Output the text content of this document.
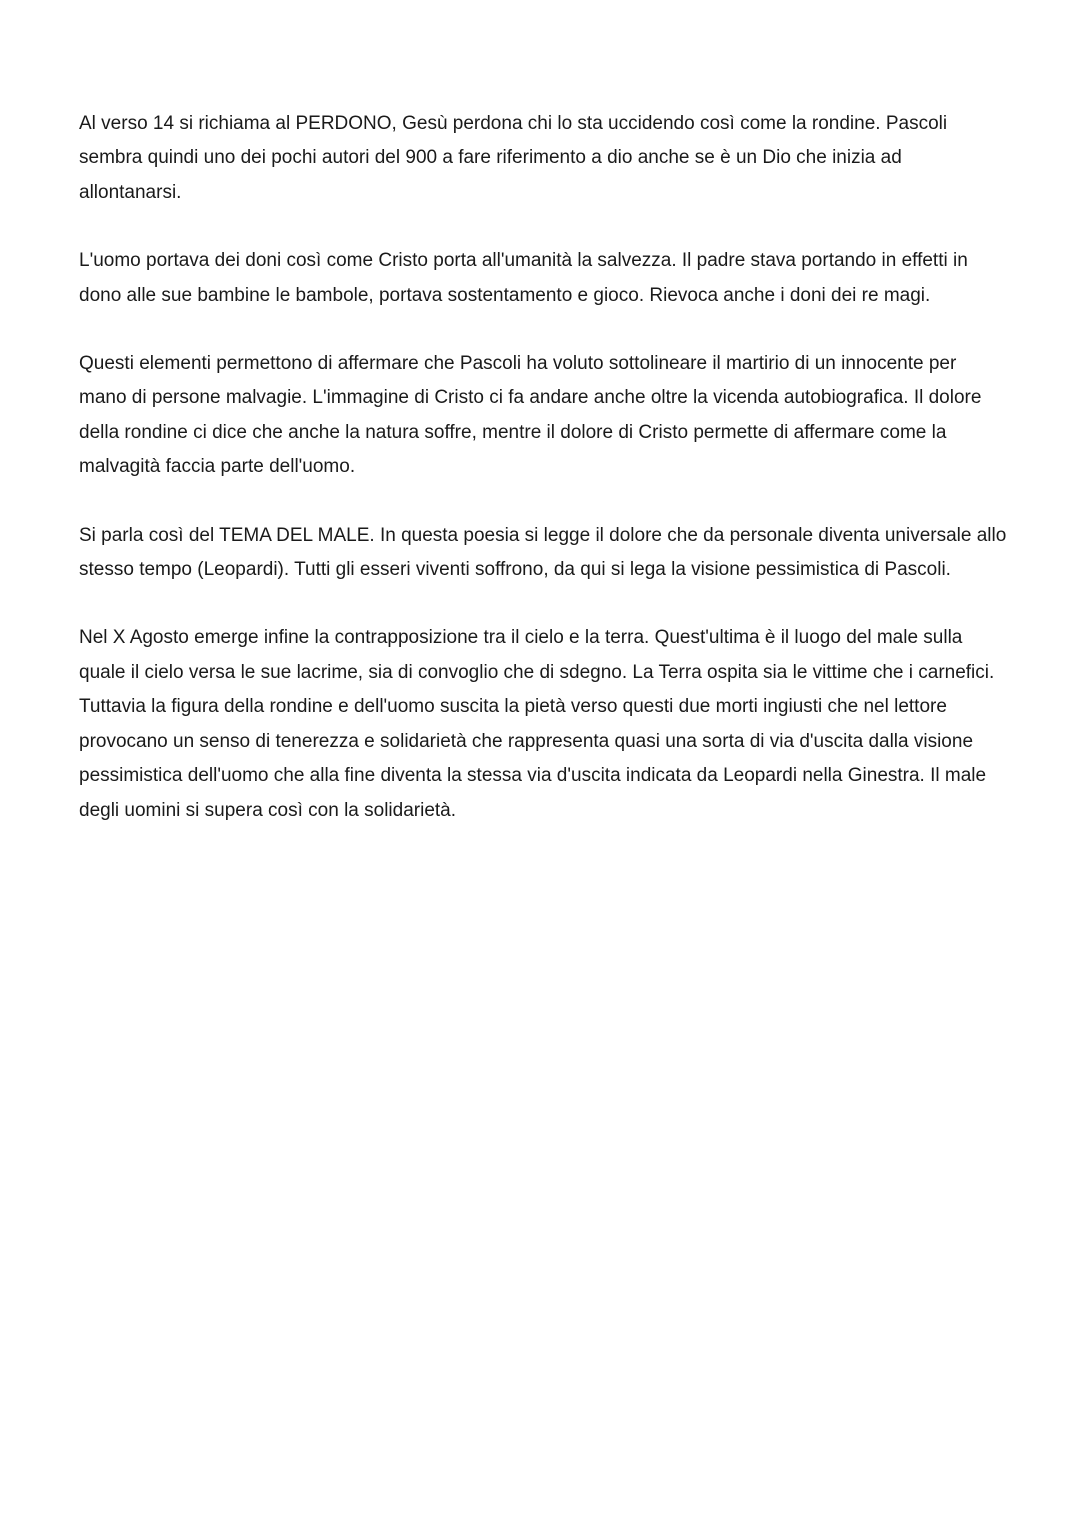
Al verso 14 si richiama al PERDONO, Gesù perdona chi lo sta uccidendo così come la rondine. Pascoli sembra quindi uno dei pochi autori del 900 a fare riferimento a dio anche se è un Dio che inizia ad allontanarsi.

L'uomo portava dei doni così come Cristo porta all'umanità la salvezza. Il padre stava portando in effetti in dono alle sue bambine le bambole, portava sostentamento e gioco. Rievoca anche i doni dei re magi.

Questi elementi permettono di affermare che Pascoli ha voluto sottolineare il martirio di un innocente per mano di persone malvagie. L'immagine di Cristo ci fa andare anche oltre la vicenda autobiografica. Il dolore della rondine ci dice che anche la natura soffre, mentre il dolore di Cristo permette di affermare come la malvagità faccia parte dell'uomo.

Si parla così del TEMA DEL MALE. In questa poesia si legge il dolore che da personale diventa universale allo stesso tempo (Leopardi). Tutti gli esseri viventi soffrono, da qui si lega la visione pessimistica di Pascoli.

Nel X Agosto emerge infine la contrapposizione tra il cielo e la terra. Quest'ultima è il luogo del male sulla quale il cielo versa le sue lacrime, sia di convoglio che di sdegno. La Terra ospita sia le vittime che i carnefici. Tuttavia la figura della rondine e dell'uomo suscita la pietà verso questi due morti ingiusti che nel lettore provocano un senso di tenerezza e solidarietà che rappresenta quasi una sorta di via d'uscita dalla visione pessimistica dell'uomo che alla fine diventa la stessa via d'uscita indicata da Leopardi nella Ginestra. Il male degli uomini si supera così con la solidarietà.
